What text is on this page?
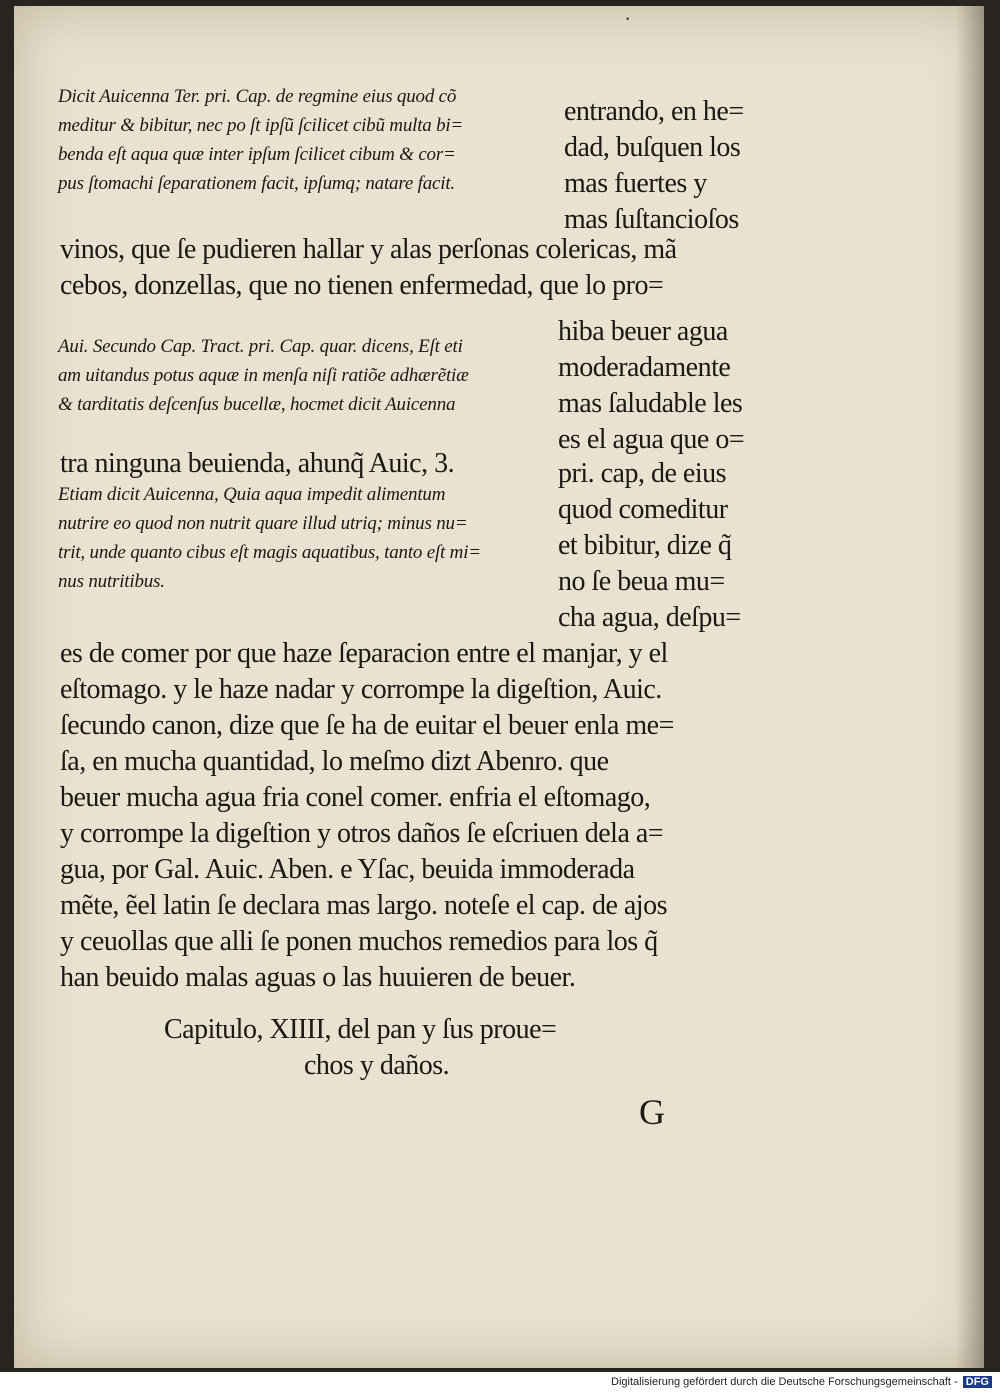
·
Dicit Auicenna Ter. pri. Cap. de regmine eius quod cõ
meditur & bibitur, nec po ſt ipſũ ſcilicet cibũ multa bi=
benda eſt aqua quæ inter ipſum ſcilicet cibum & cor=
pus ſtomachi ſeparationem facit, ipſumq; natare facit.
entrando, en he=
dad, buſquen los
mas fuertes y
mas ſuſtancioſos
vinos, que ſe pudieren hallar y alas perſonas colericas, mã
cebos, donzellas, que no tienen enfermedad, que lo pro=
Aui. Secundo Cap. Tract. pri. Cap. quar. dicens, Eſt eti
am uitandus potus aquæ in menſa niſi ratiõe adhærẽtiæ
& tarditatis deſcenſus bucellæ, hocmet dicit Auicenna
hiba beuer agua
moderadamente
mas ſaludable les
es el agua que o=
tra ninguna beuienda, ahunq̃ Auic, 3.
Etiam dicit Auicenna, Quia aqua impedit alimentum
nutrire eo quod non nutrit quare illud utriq; minus nu=
trit, unde quanto cibus eſt magis aquatibus, tanto eſt mi=
nus nutritibus.
pri. cap, de eius
quod comeditur
et bibitur, dize q̃
no ſe beua mu=
cha agua, deſpu=
es de comer por que haze ſeparacion entre el manjar, y el
eſtomago. y le haze nadar y corrompe la digeſtion, Auic.
ſecundo canon, dize que ſe ha de euitar el beuer enla me=
ſa, en mucha quantidad, lo meſmo dizt Abenro. que
beuer mucha agua fria conel comer. enfria el eſtomago,
y corrompe la digeſtion y otros daños ſe eſcriuen dela a=
gua, por Gal. Auic. Aben. e Yſac, beuida immoderada
mẽte, ẽel latin ſe declara mas largo. noteſe el cap. de ajos
y ceuollas que alli ſe ponen muchos remedios para los q̃
han beuido malas aguas o las huuieren de beuer.
Capitulo, XIIII, del pan y ſus proue=
chos y daños.
G
Digitalisierung gefördert durch die Deutsche Forschungsgemeinschaft - DFG
